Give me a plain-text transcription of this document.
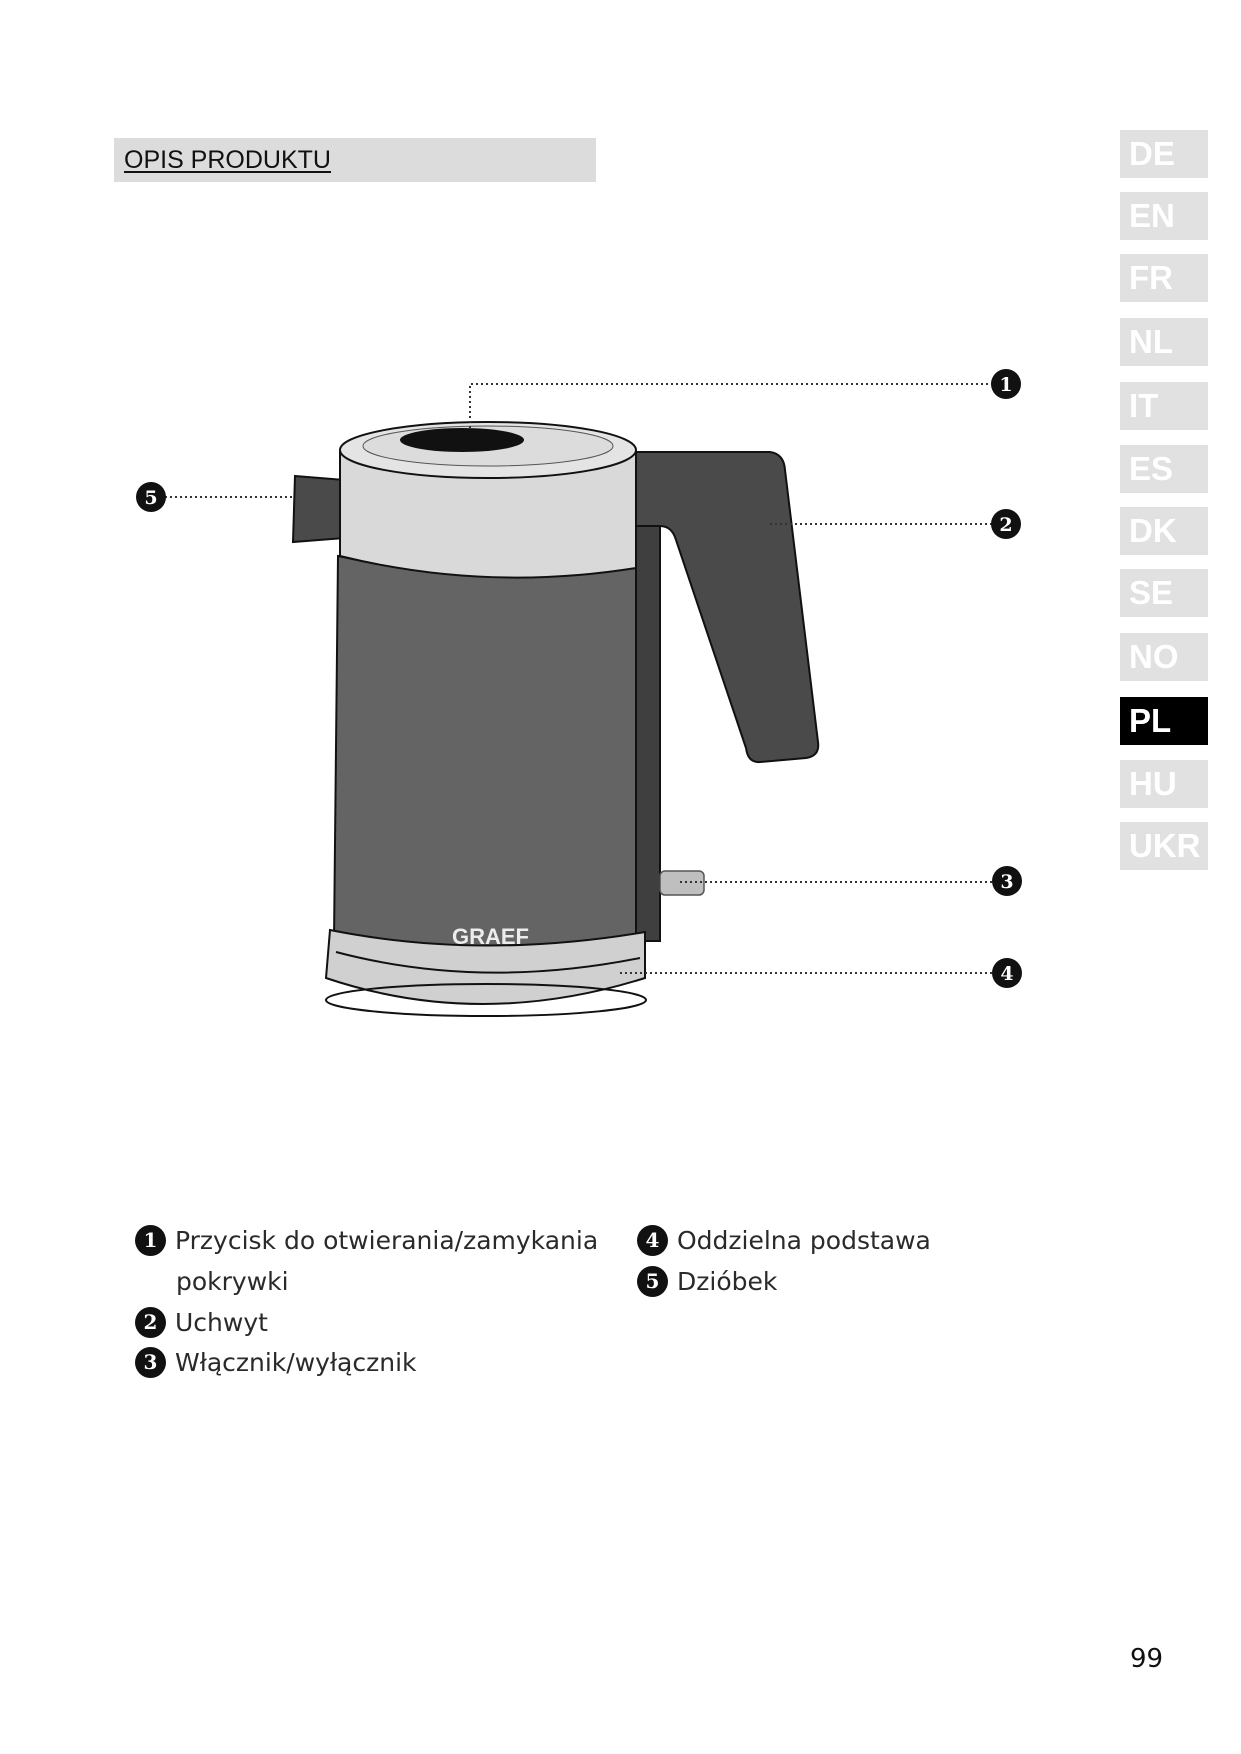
OPIS PRODUKTU	DE
EN
FR
NL
IT
ES
DK
SE
NO
PL
HU
UKR
GRAEF
1
2
3
4
5
1 Przycisk do otwierania/zamykania
pokrywki
2 Uchwyt
3 Włącznik/wyłącznik
4 Oddzielna podstawa
5 Dzióbek
99
